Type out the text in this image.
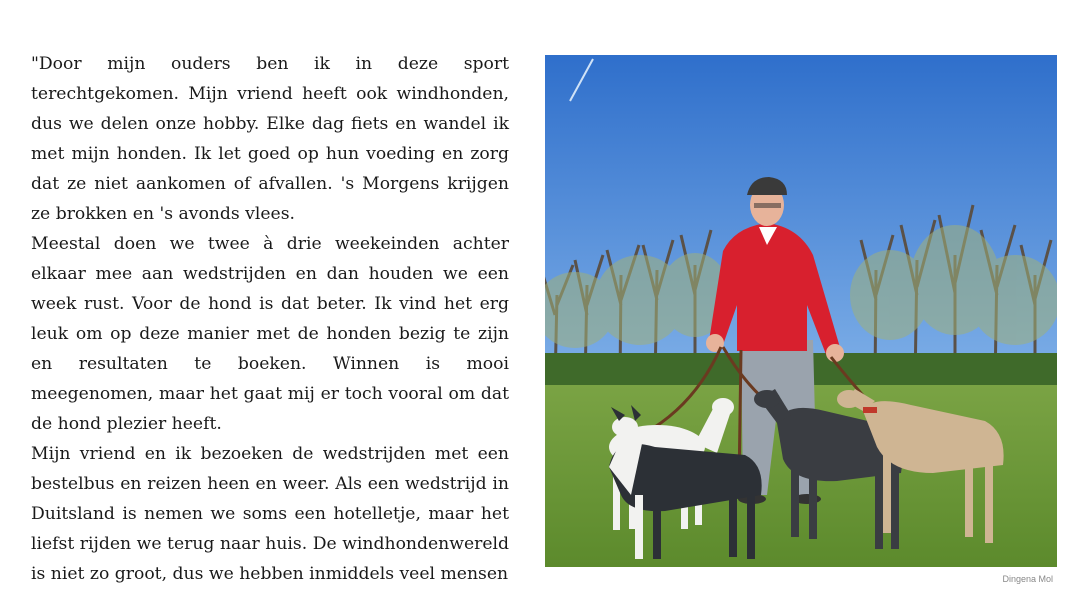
"Door mijn ouders ben ik in deze sport terechtgekomen. Mijn vriend heeft ook windhonden, dus we delen onze hobby. Elke dag fiets en wandel ik met mijn honden. Ik let goed op hun voeding en zorg dat ze niet aankomen of afvallen. 's Morgens krijgen ze brokken en 's avonds vlees.

Meestal doen we twee à drie weekeinden achter elkaar mee aan wedstrijden en dan houden we een week rust. Voor de hond is dat beter. Ik vind het erg leuk om op deze manier met de honden bezig te zijn en resultaten te boeken. Winnen is mooi meegenomen, maar het gaat mij er toch vooral om dat de hond plezier heeft.

Mijn vriend en ik bezoeken de wedstrijden met een bestelbus en reizen heen en weer. Als een wedstrijd in Duitsland is nemen we soms een hotelletje, maar het liefst rijden we terug naar huis. De windhondenwereld is niet zo groot, dus we hebben inmiddels veel mensen	Dingena Mol
